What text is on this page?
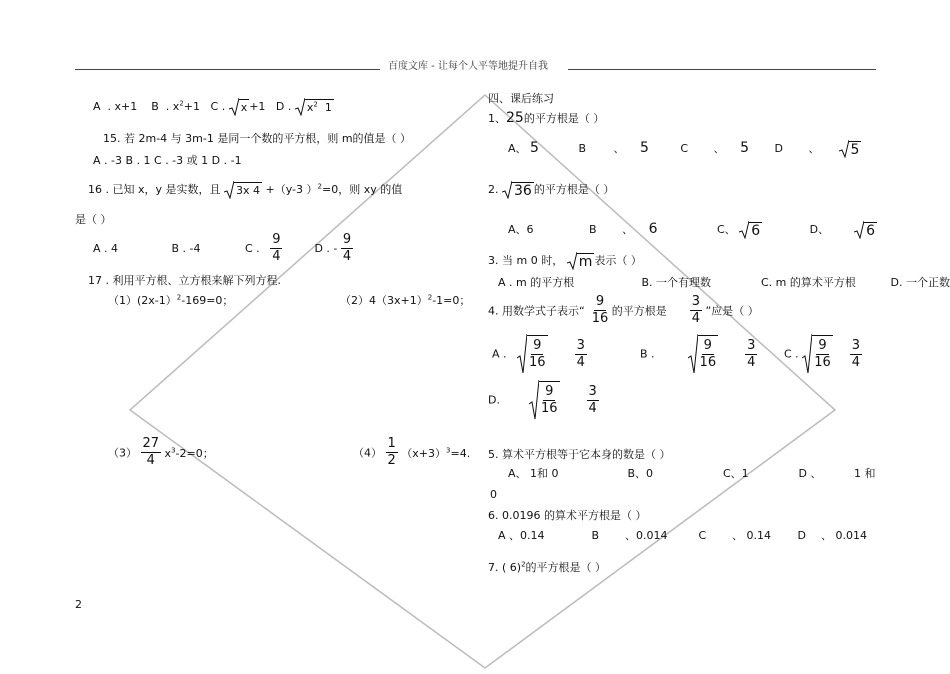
百度文库 - 让每个人平等地提升自我
A . x+1 B . $x^2+1$ C . x +1 D . $x^2$ 1
15. 若 2m-4 与 3m-1 是同一个数的平方根，则 m的值是（ ）
A . -3 B . 1 C . -3 或 1 D . -1
16 . 已知 x，y 是实数，且 3x 4 +（y-3 ）$^2$=0，则 xy 的值
是（ ）
A . 4	B . -4	C . $\frac{9}{4}$	D . - $\frac{9}{4}$
17 . 利用平方根、立方根来解下列方程.
（1）(2x-1）$^2$-169=0；	$(2)4(3x+1)^2-1=0$；
$(3) \frac{27}{4} x^3-2=0$；	$(4) \frac{1}{2} (x+3)^3=4$.
2
四、课后练习
1、25的平方根是（ ）
A、 5	B	、 5	C 、 5 D 、 5
2. 36 的平方根是（ ）
A、6	B 、 6	C、 6	D、	6
3. 当 m 0 时， m 表示（ ）
A . m 的平方根	B. 一个有理数	C. m 的算术平方根	D. 一个正数
4. 用数学式子表示“ $\frac{9}{16}$ 的平方根是 $\frac{3}{4}$ ”应是（ ）
A . $\frac{9}{16}$
$\frac{3}{4}$	B .	$\frac{9}{16}$
$\frac{3}{4}$ C . $\frac{9}{16}$
$\frac{3}{4}$
D.	$\frac{9}{16}$
$\frac{3}{4}$
5. 算术平方根等于它本身的数是（ ）
A、 1和 0	B、0	C、1	D 、	1 和
0
6. 0.0196 的算术平方根是（ ）
A 、0.14	B 、0.014	C 、 0.14 D 、 0.014
7. ( 6)$^2$的平方根是（ ）
